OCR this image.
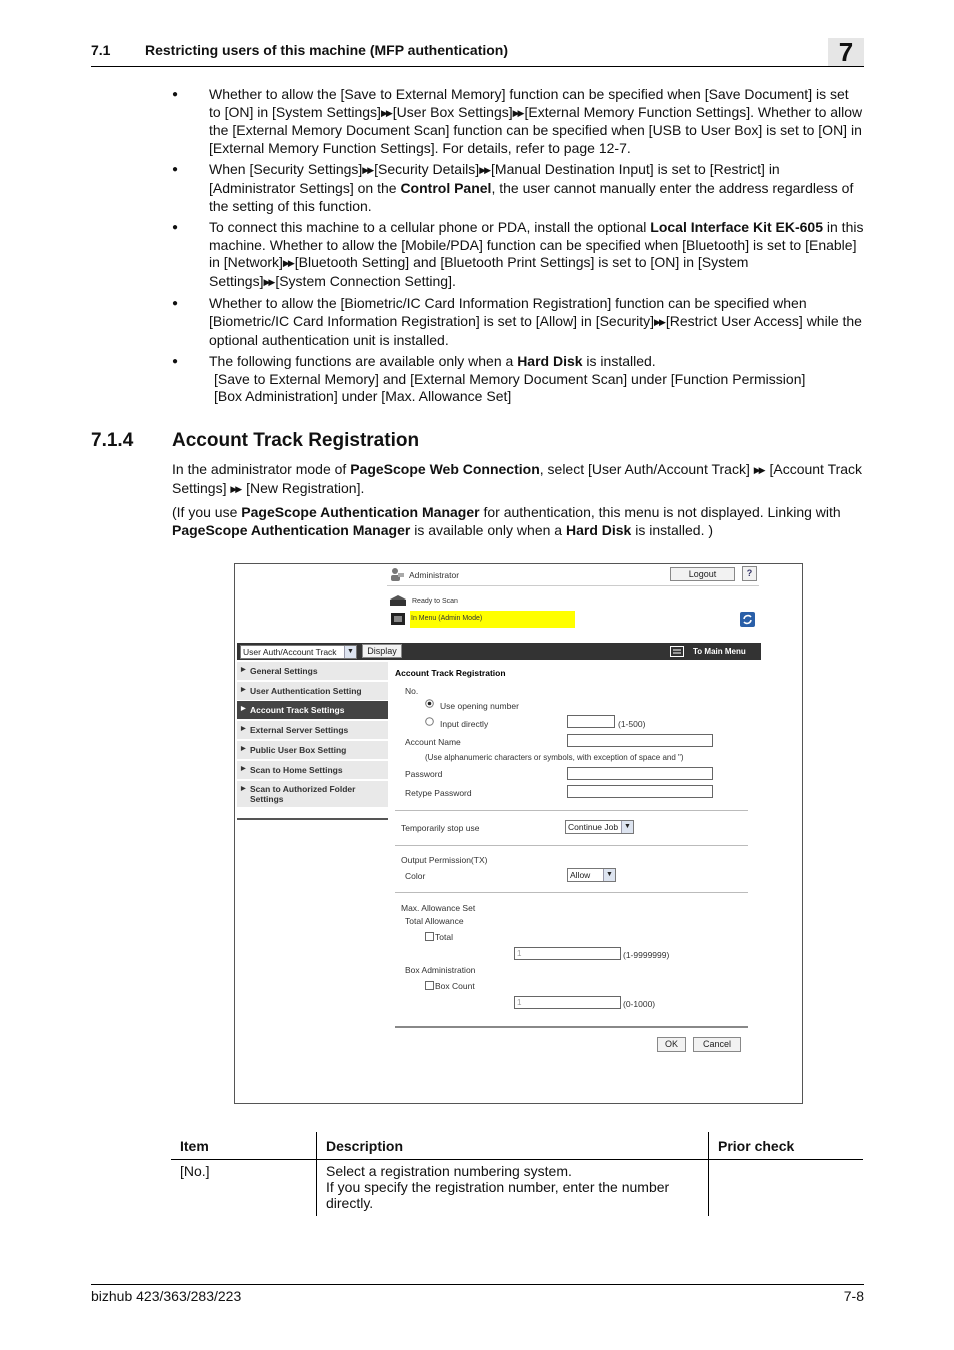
7.1 Restricting users of this machine (MFP authentication)	7
● Whether to allow the [Save to External Memory] function can be specified when [Save Document] is set to [ON] in [System Settings]▶▶ [User Box Settings]▶▶ [External Memory Function Settings]. Whether to allow the [External Memory Document Scan] function can be specified when [USB to User Box] is set to [ON] in [External Memory Function Settings]. For details, refer to page 12-7.
● When [Security Settings]▶▶ [Security Details]▶▶ [Manual Destination Input] is set to [Restrict] in [Administrator Settings] on the Control Panel, the user cannot manually enter the address regardless of the setting of this function.
● To connect this machine to a cellular phone or PDA, install the optional Local Interface Kit EK-605 in this machine. Whether to allow the [Mobile/PDA] function can be specified when [Bluetooth] is set to [Enable] in [Network]▶▶ [Bluetooth Setting] and [Bluetooth Print Settings] is set to [ON] in [System Settings]▶▶ [System Connection Setting].
● Whether to allow the [Biometric/IC Card Information Registration] function can be specified when [Biometric/IC Card Information Registration] is set to [Allow] in [Security]▶▶ [Restrict User Access] while the optional authentication unit is installed.
● The following functions are available only when a Hard Disk is installed.
[Save to External Memory] and [External Memory Document Scan] under [Function Permission]
[Box Administration] under [Max. Allowance Set]
7.1.4 Account Track Registration
In the administrator mode of PageScope Web Connection, select [User Auth/Account Track] ▶▶ [Account Track Settings] ▶▶ [New Registration].
(If you use PageScope Authentication Manager for authentication, this menu is not displayed. Linking with PageScope Authentication Manager is available only when a Hard Disk is installed. )
Administrator	Logout	?
Ready to Scan
In Menu (Admin Mode)
User Auth/Account Track	▼	Display	To Main Menu
▶ General Settings
▶ User Authentication Setting
▶ Account Track Settings
▶ External Server Settings
▶ Public User Box Setting
▶ Scan to Home Settings
▶ Scan to Authorized Folder Settings
Account Track Registration
No.
Use opening number
Input directly	(1-500)
Account Name
(Use alphanumeric characters or symbols, with exception of space and ")
Password
Retype Password
Temporarily stop use	Continue Job ▼
Output Permission(TX)
Color	Allow	▼
Max. Allowance Set
Total Allowance
Total
1	(1-9999999)
Box Administration
Box Count
1	(0-1000)
OK	Cancel
Item	Description	Prior check
[No.]	Select a registration numbering system.
If you specify the registration number, enter the number directly.	

bizhub 423/363/283/223	7-8
